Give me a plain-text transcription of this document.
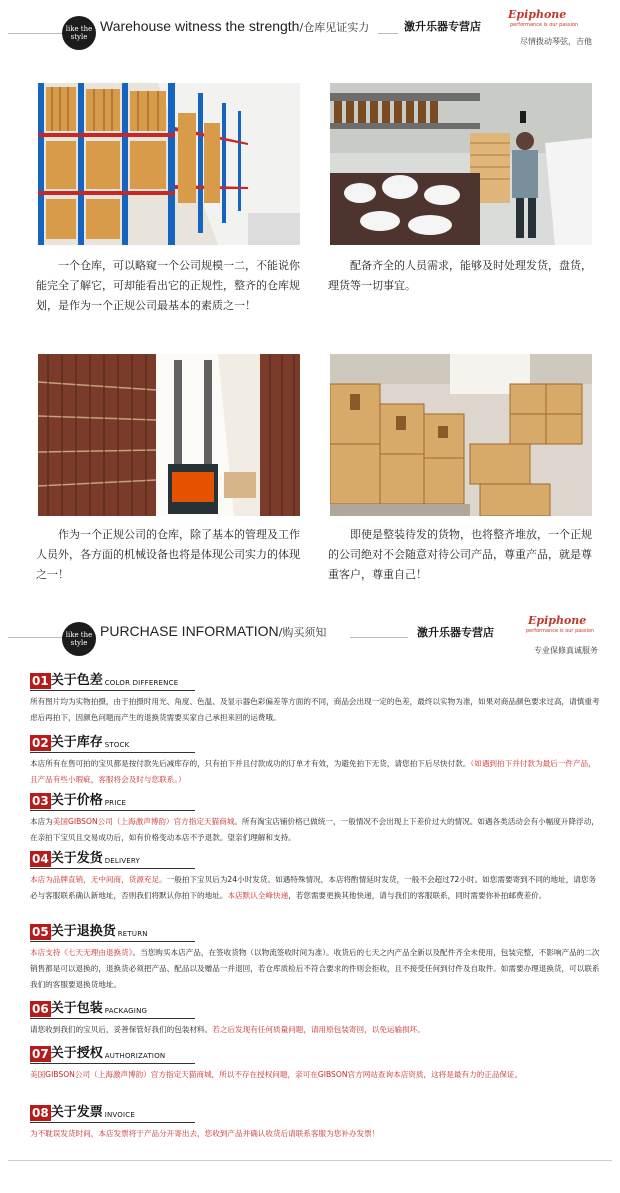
like the
style
Warehouse witness the strength/仓库见证实力	激升乐器专营店
Epiphone
performance is our passion
尽情拨动琴弦，吉他
一个仓库，可以略窥一个公司规模一二，不能说你能完全了解它，可却能看出它的正规性，整齐的仓库规划，是作为一个正规公司最基本的素质之一！
配备齐全的人员需求，能够及时处理发货，盘货，理货等一切事宜。
作为一个正规公司的仓库，除了基本的管理及工作人员外，各方面的机械设备也将是体现公司实力的体现之一！
即使是整装待发的货物，也将整齐堆放，一个正规的公司绝对不会随意对待公司产品，尊重产品，就是尊重客户，尊重自己！
like the
style
PURCHASE INFORMATION/购买须知	激升乐器专营店
Epiphone
performance is our passion
专业保修真诚服务
01 关于色差 COLOR DIFFERENCE
所有图片均为实物拍摄，由于拍摄时用光、角度、色温、及显示器色彩偏差等方面的不同，商品会出现一定的色差，最终以实物为准，如果对商品颜色要求过高，请慎重考虑后再拍下，因颜色问题而产生的退换货需要买家自己承担来回的运费哦。
02 关于库存 STOCK
本店所有在售可拍的宝贝都是按付款先后减库存的，只有拍下并且付款成功的订单才有效，为避免拍下无货，请您拍下后尽快付款。（如遇到拍下并付款为最后一件产品，且产品有些小瑕疵，客服将会及时与您联系。）
03 关于价格 PRICE
本店为美国GIBSON公司（上海激声博韵）官方指定天猫商城。所有淘宝店铺价格已做统一，一般情况不会出现上下差价过大的情况。如遇各类活动会有小幅度升降浮动，在亲拍下宝贝且交易成功后，如有价格变动本店不予退款。望亲们理解和支持。
04 关于发货 DELIVERY
本店为品牌直销，无中间商，货源充足。一般拍下宝贝后为24小时发货。如遇特殊情况，本店将酌情延时发货，一般不会超过72小时。如您需要寄到不同的地址，请您务必与客服联系确认新地址，否则我们将默认你拍下的地址。本店默认全峰快递，若您需要更换其他快递，请与我们的客服联系，同时需要你补拍邮费差价。
05 关于退换货 RETURN
本店支持《七天无理由退换货》。当您购买本店产品，在签收货物（以物流签收时间为准）。收货后的七天之内产品全新以及配件齐全未使用，包装完整，不影响产品的二次销售都是可以退换的，退换货必须把产品、配品以及赠品一并退回，若仓库质检后不符合要求的件则会拒收，且不接受任何到付件及自取件。如需要办理退换货，可以联系我们的客服要退换货地址。
06 关于包装 PACKAGING
请您收到我们的宝贝后，妥善保管好我们的包装材料。若之后发现有任何质量问题，请用原包装寄回，以免运输损坏。
07 关于授权 AUTHORIZATION
美国GIBSON公司（上海激声博韵）官方指定天猫商城，所以不存在授权问题，亲可在GIBSON官方网站查询本店资质，这将是最有力的正品保证。
08 关于发票 INVOICE
为不耽误发货时间，本店发票将于产品分开寄出去，您收到产品并确认收货后请联系客服为您补办发票！
